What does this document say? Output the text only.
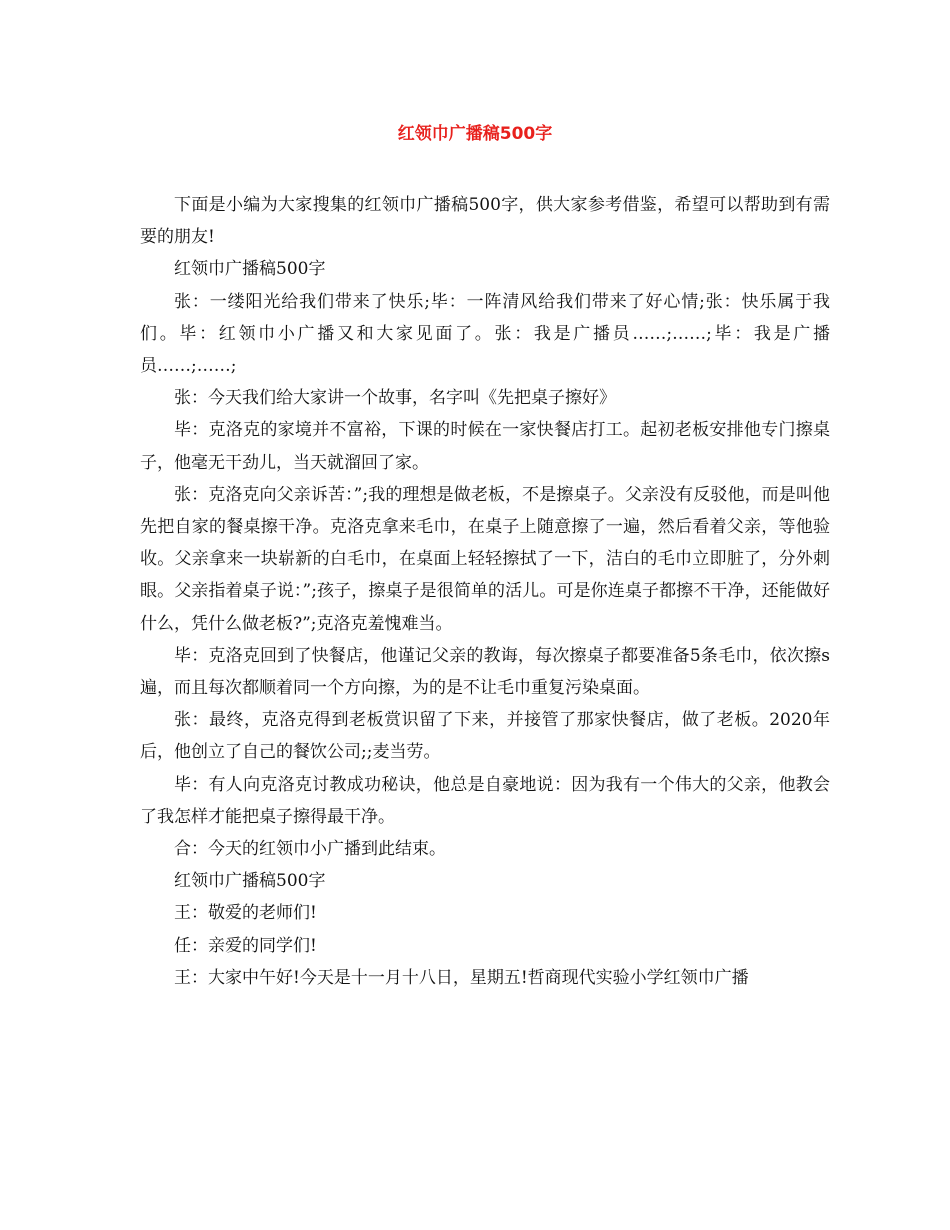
红领巾广播稿500字

下面是小编为大家搜集的红领巾广播稿500字，供大家参考借鉴，希望可以帮助到有需要的朋友!

红领巾广播稿500字

张：一缕阳光给我们带来了快乐;毕：一阵清风给我们带来了好心情;张：快乐属于我们。毕：红领巾小广播又和大家见面了。张：我是广播员……;……;毕：我是广播员……;……;

张：今天我们给大家讲一个故事，名字叫《先把桌子擦好》

毕：克洛克的家境并不富裕，下课的时候在一家快餐店打工。起初老板安排他专门擦桌子，他毫无干劲儿，当天就溜回了家。

张：克洛克向父亲诉苦：”;我的理想是做老板，不是擦桌子。父亲没有反驳他，而是叫他先把自家的餐桌擦干净。克洛克拿来毛巾，在桌子上随意擦了一遍，然后看着父亲，等他验收。父亲拿来一块崭新的白毛巾，在桌面上轻轻擦拭了一下，洁白的毛巾立即脏了，分外刺眼。父亲指着桌子说：”;孩子，擦桌子是很简单的活儿。可是你连桌子都擦不干净，还能做好什么，凭什么做老板?”;克洛克羞愧难当。

毕：克洛克回到了快餐店，他谨记父亲的教诲，每次擦桌子都要准备5条毛巾，依次擦s遍，而且每次都顺着同一个方向擦，为的是不让毛巾重复污染桌面。

张：最终，克洛克得到老板赏识留了下来，并接管了那家快餐店，做了老板。2020年后，他创立了自己的餐饮公司;;麦当劳。

毕：有人向克洛克讨教成功秘诀，他总是自豪地说：因为我有一个伟大的父亲，他教会了我怎样才能把桌子擦得最干净。

合：今天的红领巾小广播到此结束。

红领巾广播稿500字

王：敬爱的老师们!

任：亲爱的同学们!

王：大家中午好!今天是十一月十八日，星期五!哲商现代实验小学红领巾广播
